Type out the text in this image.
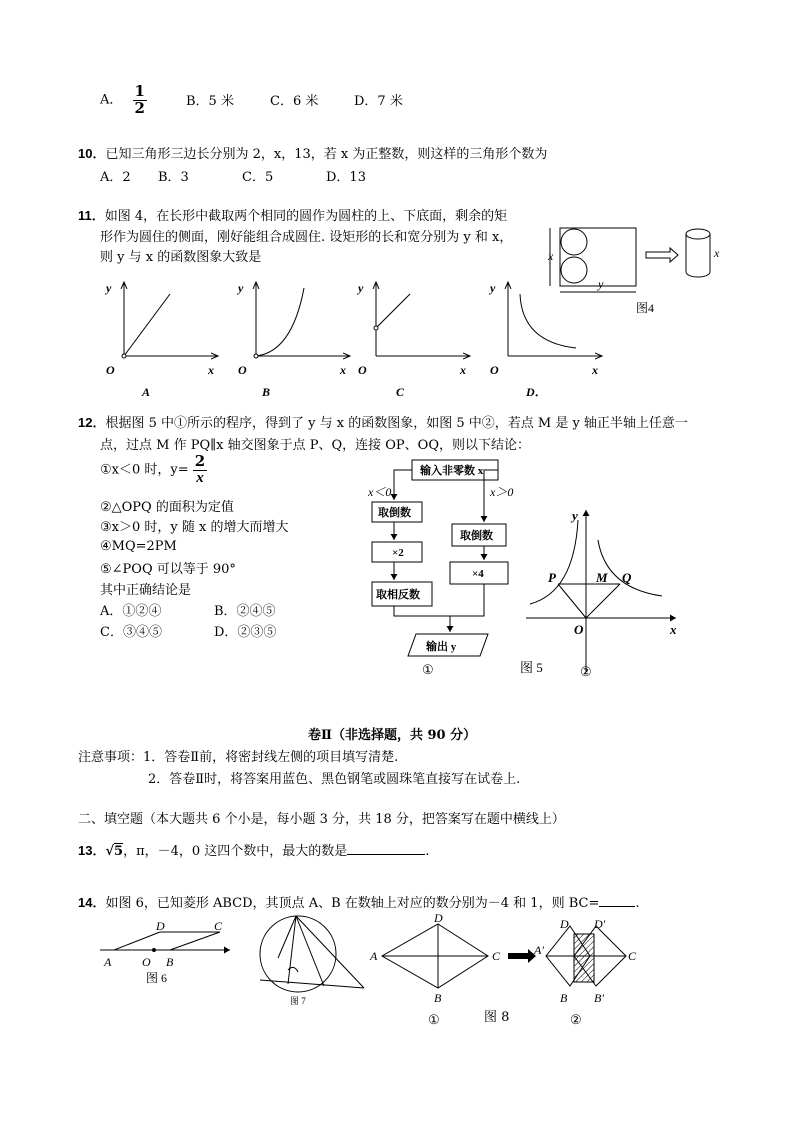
A． $\frac{1}{2}$	B．5 米	C．6 米	D．7 米
10．已知三角形三边长分别为 2，x，13，若 x 为正整数，则这样的三角形个数为
A．2 B．3	C．5	D．13
11．如图 4，在长形中截取两个相同的圆作为圆柱的上、下底面，剩余的矩
形作为圆住的侧面，刚好能组合成圆住. 设矩形的长和宽分别为 y 和 x，
则 y 与 x 的函数图象大致是	x
y
x
图4
y
x
O
A
y
x
O
B
y
x
O
C
y
x
O
D．
12．根据图 5 中①所示的程序，得到了 y 与 x 的函数图象，如图 5 中②，若点 M 是 y 轴正半轴上任意一
点，过点 M 作 PQ∥x 轴交图象于点 P、Q，连接 OP、OQ，则以下结论：
①x＜0 时，$y= \frac{2}{x}$
②△OPQ 的面积为定值
③x＞0 时，y 随 x 的增大而增大
④MQ=2PM
⑤∠POQ 可以等于 90°
其中正确结论是
A．①②④	B．②④⑤
C．③④⑤	D．②③⑤
输入非零数 x
x＜0	x＞0
取倒数
×2
取相反数
取倒数
×4
输出 y
①
y
x
O
P	M Q
图 5	②
卷Ⅱ（非选择题，共 90 分）
注意事项：1．答卷Ⅱ前，将密封线左侧的项目填写清楚.
2．答卷Ⅱ时，将答案用蓝色、黑色钢笔或圆珠笔直接写在试卷上.
二、填空题（本大题共 6 个小是，每小题 3 分，共 18 分，把答案写在题中横线上）
13．√5，π，－4，0 这四个数中，最大的数是	.
14．如图 6，已知菱形 ABCD，其顶点 A、B 在数轴上对应的数分别为－4 和 1，则 BC=	.
D	C
A	O B
图 6
图 7
D
A	C
B
①	图 8
D D′
A′	C
B B′
②
